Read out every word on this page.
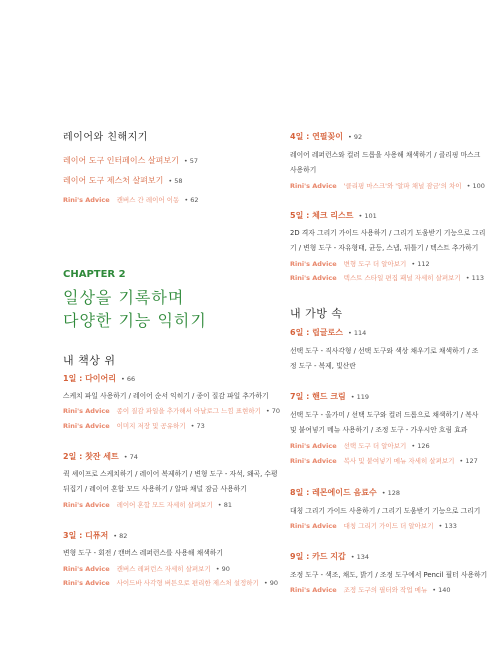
레이어와 친해지기
레이어 도구 인터페이스 살펴보기 • 57
레이어 도구 제스처 살펴보기 • 58
Rini's Advice 캔버스 간 레이어 이동 • 62
CHAPTER 2
일상을 기록하며
다양한 기능 익히기
내 책상 위
1일 : 다이어리 • 66
스케치 파일 사용하기 / 레이어 순서 익히기 / 종이 질감 파일 추가하기
Rini's Advice 종이 질감 파일을 추가해서 아날로그 느낌 표현하기 • 70
Rini's Advice 이미지 저장 및 공유하기 • 73
2일 : 찻잔 세트 • 74
퀵 셰이프로 스케치하기 / 레이어 복제하기 / 변형 도구 - 자석, 왜곡, 수평
뒤집기 / 레이어 혼합 모드 사용하기 / 알파 채널 잠금 사용하기
Rini's Advice 레이어 혼합 모드 자세히 살펴보기 • 81
3일 : 디퓨저 • 82
변형 도구 - 회전 / 캔버스 레퍼런스를 사용해 채색하기
Rini's Advice 캔버스 레퍼런스 자세히 살펴보기 • 90
Rini's Advice 사이드바 사각형 버튼으로 편리한 제스처 설정하기 • 90
4일 : 연필꽂이 • 92
레이어 레퍼런스와 컬러 드롭을 사용해 채색하기 / 클리핑 마스크
사용하기
Rini's Advice '클리핑 마스크'와 '알파 채널 잠금'의 차이 • 100
5일 : 체크 리스트 • 101
2D 격자 그리기 가이드 사용하기 / 그리기 도움받기 기능으로 그리
기 / 변형 도구 - 자유형태, 균등, 스냅, 뒤틀기 / 텍스트 추가하기
Rini's Advice 변형 도구 더 알아보기 • 112
Rini's Advice 텍스트 스타일 편집 패널 자세히 살펴보기 • 113
내 가방 속
6일 : 립글로스 • 114
선택 도구 - 직사각형 / 선택 도구와 색상 채우기로 채색하기 / 조
정 도구 - 복제, 빛산란
7일 : 핸드 크림 • 119
선택 도구 - 올가미 / 선택 도구와 컬러 드롭으로 채색하기 / 복사
및 붙여넣기 메뉴 사용하기 / 조정 도구 - 가우시안 흐림 효과
Rini's Advice 선택 도구 더 알아보기 • 126
Rini's Advice 복사 및 붙여넣기 메뉴 자세히 살펴보기 • 127
8일 : 레몬에이드 음료수 • 128
대칭 그리기 가이드 사용하기 / 그리기 도움받기 기능으로 그리기
Rini's Advice 대칭 그리기 가이드 더 알아보기 • 133
9일 : 카드 지갑 • 134
조정 도구 - 색조, 채도, 밝기 / 조정 도구에서 Pencil 필터 사용하기
Rini's Advice 조정 도구의 필터와 작업 메뉴 • 140
